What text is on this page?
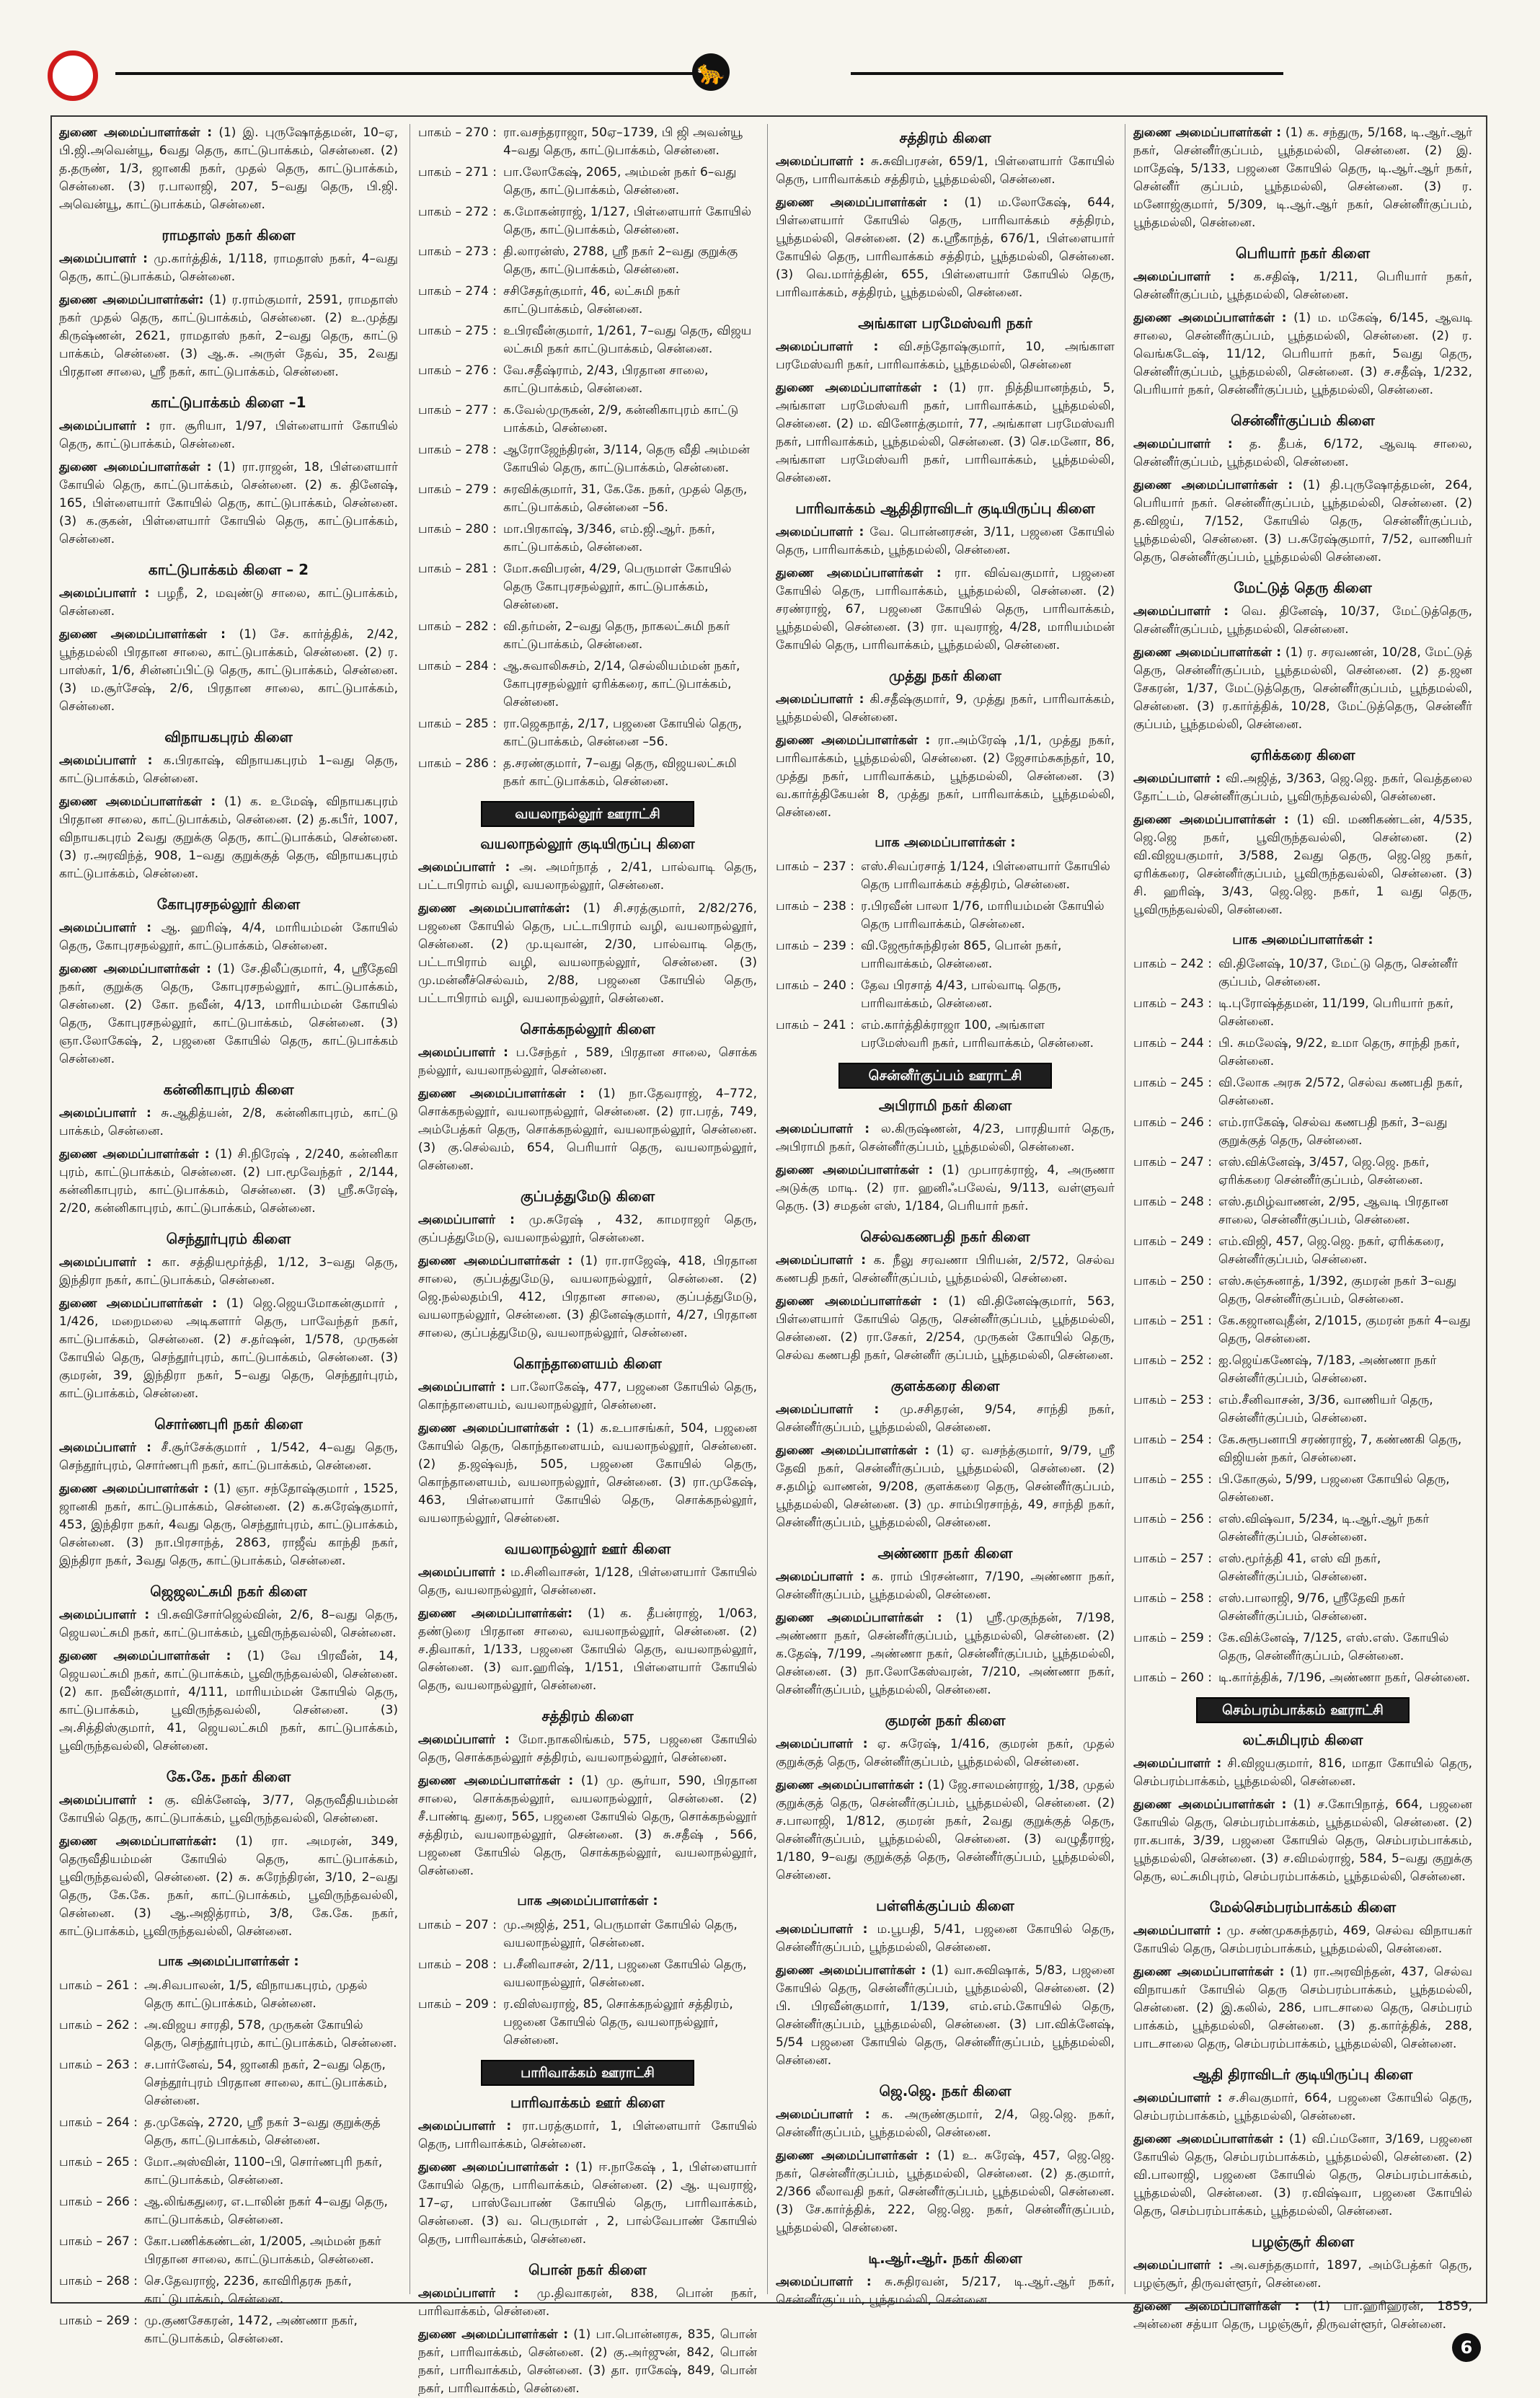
🐆
துணை அமைப்பாளர்கள் : (1) இ. புருஷோத்தமன், 10–ஏ, பி.ஜி.அவென்யூ, 6வது தெரு, காட்டுபாக்கம், சென்னை. (2) த.தருண், 1/3, ஜானகி நகர், முதல் தெரு, காட்டுபாக்கம், சென்னை. (3) ர.பாலாஜி, 207, 5–வது தெரு, பி.ஜி. அவென்யூ, காட்டுபாக்கம், சென்னை.
ராமதாஸ் நகர் கிளை
அமைப்பாளர் : மு.கார்த்திக், 1/118, ராமதாஸ் நகர், 4–வது தெரு, காட்டுபாக்கம், சென்னை.
துணை அமைப்பாளர்கள்: (1) ர.ராம்குமார், 2591, ராமதாஸ் நகர் முதல் தெரு, காட்டுபாக்கம், சென்னை. (2) உ.முத்து கிருஷ்ணன், 2621, ராமதாஸ் நகர், 2–வது தெரு, காட்டு பாக்கம், சென்னை. (3) ஆ.சு. அருள் தேவ், 35, 2வது பிரதான சாலை, ஸ்ரீ நகர், காட்டுபாக்கம், சென்னை.
காட்டுபாக்கம் கிளை –1
அமைப்பாளர் : ரா. சூரியா, 1/97, பிள்ளையார் கோயில் தெரு, காட்டுபாக்கம், சென்னை.
துணை அமைப்பாளர்கள் : (1) ரா.ராஜன், 18, பிள்ளையார் கோயில் தெரு, காட்டுபாக்கம், சென்னை. (2) க. தினேஷ், 165, பிள்ளையார் கோயில் தெரு, காட்டுபாக்கம், சென்னை. (3) க.குகன், பிள்ளையார் கோயில் தெரு, காட்டுபாக்கம், சென்னை.
காட்டுபாக்கம் கிளை – 2
அமைப்பாளர் : பழநீ, 2, மவுண்டு சாலை, காட்டுபாக்கம், சென்னை.
துணை அமைப்பாளர்கள் : (1) சே. கார்த்திக், 2/42, பூந்தமல்லி பிரதான சாலை, காட்டுபாக்கம், சென்னை. (2) ர. பாஸ்கர், 1/6, சின்னப்பிட்டு தெரு, காட்டுபாக்கம், சென்னை. (3) ம.சூர்சேஷ், 2/6, பிரதான சாலை, காட்டுபாக்கம், சென்னை.
விநாயகபுரம் கிளை
அமைப்பாளர் : க.பிரகாஷ், விநாயகபுரம் 1–வது தெரு, காட்டுபாக்கம், சென்னை.
துணை அமைப்பாளர்கள் : (1) க. உமேஷ், விநாயகபுரம் பிரதான சாலை, காட்டுபாக்கம், சென்னை. (2) த.கபீர், 1007, விநாயகபுரம் 2வது குறுக்கு தெரு, காட்டுபாக்கம், சென்னை. (3) ர.அரவிந்த், 908, 1–வது குறுக்குத் தெரு, விநாயகபுரம் காட்டுபாக்கம், சென்னை.
கோபுரசநல்லூர் கிளை
அமைப்பாளர் : ஆ. ஹரிஷ், 4/4, மாரியம்மன் கோயில் தெரு, கோபுரசநல்லூர், காட்டுபாக்கம், சென்னை.
துணை அமைப்பாளர்கள் : (1) சே.திலீப்குமார், 4, ஸ்ரீதேவி நகர், குறுக்கு தெரு, கோபுரசநல்லூர், காட்டுபாக்கம், சென்னை. (2) கோ. நவீன், 4/13, மாரியம்மன் கோயில் தெரு, கோபுரசநல்லூர், காட்டுபாக்கம், சென்னை. (3) ஞா.லோகேஷ், 2, பஜனை கோயில் தெரு, காட்டுபாக்கம் சென்னை.
கன்னிகாபுரம் கிளை
அமைப்பாளர் : சு.ஆதித்யன், 2/8, கன்னிகாபுரம், காட்டு பாக்கம், சென்னை.
துணை அமைப்பாளர்கள் : (1) சி.நிரேஷ் , 2/240, கன்னிகா புரம், காட்டுபாக்கம், சென்னை. (2) பா.மூவேந்தர் , 2/144, கன்னிகாபுரம், காட்டுபாக்கம், சென்னை. (3) ஸ்ரீ.சுரேஷ், 2/20, கன்னிகாபுரம், காட்டுபாக்கம், சென்னை.
செந்தூர்புரம் கிளை
அமைப்பாளர் : கா. சத்தியமூர்த்தி, 1/12, 3–வது தெரு, இந்திரா நகர், காட்டுபாக்கம், சென்னை.
துணை அமைப்பாளர்கள் : (1) ஜெ.ஜெயமோகன்குமார் , 1/426, மறைமலை அடிகளார் தெரு, பாவேந்தர் நகர், காட்டுபாக்கம், சென்னை. (2) ச.தர்ஷன், 1/578, முருகன் கோயில் தெரு, செந்தூர்புரம், காட்டுபாக்கம், சென்னை. (3) குமரன், 39, இந்திரா நகர், 5–வது தெரு, செந்தூர்புரம், காட்டுபாக்கம், சென்னை.
சொர்ணபுரி நகர் கிளை
அமைப்பாளர் : சீ.சூர்சேக்குமார் , 1/542, 4–வது தெரு, செந்தூர்புரம், சொர்ணபுரி நகர், காட்டுபாக்கம், சென்னை.
துணை அமைப்பாளர்கள் : (1) ஞா. சந்தோஷ்குமார் , 1525, ஜானகி நகர், காட்டுபாக்கம், சென்னை. (2) க.சுரேஷ்குமார், 453, இந்திரா நகர், 4வது தெரு, செந்தூர்புரம், காட்டுபாக்கம், சென்னை. (3) நா.பிரசாந்த், 2863, ராஜீவ் காந்தி நகர், இந்திரா நகர், 3வது தெரு, காட்டுபாக்கம், சென்னை.
ஜெஜலட்சுமி நகர் கிளை
அமைப்பாளர் : பி.சுவிசோர்ஜெல்வின், 2/6, 8–வது தெரு, ஜெயலட்சுமி நகர், காட்டுபாக்கம், பூவிருந்தவல்லி, சென்னை.
துணை அமைப்பாளர்கள் : (1) வே பிரவீன், 14, ஜெயலட்சுமி நகர், காட்டுபாக்கம், பூவிருந்தவல்லி, சென்னை. (2) கா. நவீன்குமார், 4/111, மாரியம்மன் கோயில் தெரு, காட்டுபாக்கம், பூவிருந்தவல்லி, சென்னை. (3) அ.சித்திஸ்குமார், 41, ஜெயலட்சுமி நகர், காட்டுபாக்கம், பூவிருந்தவல்லி, சென்னை.
கே.கே. நகர் கிளை
அமைப்பாளர் : கு. விக்னேஷ், 3/77, தெருவீதியம்மன் கோயில் தெரு, காட்டுபாக்கம், பூவிருந்தவல்லி, சென்னை.
துணை அமைப்பாளர்கள்: (1) ரா. அமரன், 349, தெருவீதியம்மன் கோயில் தெரு, காட்டுபாக்கம், பூவிருந்தவல்லி, சென்னை. (2) சு. சுரேந்திரன், 3/10, 2–வது தெரு, கே.கே. நகர், காட்டுபாக்கம், பூவிருந்தவல்லி, சென்னை. (3) ஆ.அஜித்ராம், 3/8, கே.கே. நகர், காட்டுபாக்கம், பூவிருந்தவல்லி, சென்னை.
பாக அமைப்பாளர்கள் :
பாகம் – 261 : அ.சிவபாலன், 1/5, விநாயகபுரம், முதல் தெரு காட்டுபாக்கம், சென்னை.
பாகம் – 262 : அ.விஜய சாரதி, 578, முருகன் கோயில் தெரு, செந்தூர்புரம், காட்டுபாக்கம், சென்னை.
பாகம் – 263 : ச.பார்னேவ், 54, ஜானகி நகர், 2–வது தெரு, செந்தூர்புரம் பிரதான சாலை, காட்டுபாக்கம், சென்னை.
பாகம் – 264 : த.முகேஷ், 2720, ஸ்ரீ நகர் 3–வது குறுக்குத் தெரு, காட்டுபாக்கம், சென்னை.
பாகம் – 265 : மோ.அஸ்வின், 1100–பி, சொர்ணபுரி நகர், காட்டுபாக்கம், சென்னை.
பாகம் – 266 : ஆ.லிங்கதுரை, எ.டாலின் நகர் 4–வது தெரு, காட்டுபாக்கம், சென்னை.
பாகம் – 267 : கோ.பணிக்கண்டன், 1/2005, அம்மன் நகர் பிரதான சாலை, காட்டுபாக்கம், சென்னை.
பாகம் – 268 : செ.தேவராஜ், 2236, காவிரிதரசு நகர், காட்டுபாக்கம், சென்னை.
பாகம் – 269 : மு.குணசேகரன், 1472, அண்ணா நகர், காட்டுபாக்கம், சென்னை.
பாகம் – 270 : ரா.வசந்தராஜா, 50ஏ–1739, பி ஜி அவன்யூ 4–வது தெரு, காட்டுபாக்கம், சென்னை.
பாகம் – 271 : பா.லோகேஷ், 2065, அம்மன் நகர் 6–வது தெரு, காட்டுபாக்கம், சென்னை.
பாகம் – 272 : க.மோகன்ராஜ், 1/127, பிள்ளையார் கோயில் தெரு, காட்டுபாக்கம், சென்னை.
பாகம் – 273 : தி.லாரன்ஸ், 2788, ஸ்ரீ நகர் 2–வது குறுக்கு தெரு, காட்டுபாக்கம், சென்னை.
பாகம் – 274 : சசிசேதர்குமார், 46, லட்சுமி நகர் காட்டுபாக்கம், சென்னை.
பாகம் – 275 : உபிரவீன்குமார், 1/261, 7–வது தெரு, விஜய லட்சுமி நகர் காட்டுபாக்கம், சென்னை.
பாகம் – 276 : வே.சதீஷ்ராம், 2/43, பிரதான சாலை, காட்டுபாக்கம், சென்னை.
பாகம் – 277 : க.வேல்முருகன், 2/9, கன்னிகாபுரம் காட்டு பாக்கம், சென்னை.
பாகம் – 278 : ஆரோஜேந்திரன், 3/114, தெரு வீதி அம்மன் கோயில் தெரு, காட்டுபாக்கம், சென்னை.
பாகம் – 279 : சுரவிக்குமார், 31, கே.கே. நகர், முதல் தெரு, காட்டுபாக்கம், சென்னை –56.
பாகம் – 280 : மா.பிரகாஷ், 3/346, எம்.ஜி.ஆர். நகர், காட்டுபாக்கம், சென்னை.
பாகம் – 281 : மோ.சுவிபரன், 4/29, பெருமாள் கோயில் தெரு கோபுரசநல்லூர், காட்டுபாக்கம், சென்னை.
பாகம் – 282 : வி.தர்மன், 2–வது தெரு, நாகலட்சுமி நகர் காட்டுபாக்கம், சென்னை.
பாகம் – 284 : ஆ.சுவாலிசுசம், 2/14, செல்லியம்மன் நகர், கோபுரசநல்லூர் ஏரிக்கரை, காட்டுபாக்கம், சென்னை.
பாகம் – 285 : ரா.ஜெகநாத், 2/17, பஜனை கோயில் தெரு, காட்டுபாக்கம், சென்னை –56.
பாகம் – 286 : த.சரண்குமார், 7–வது தெரு, விஜயலட்சுமி நகர் காட்டுபாக்கம், சென்னை.
வயலாநல்லூர் ஊராட்சி
வயலாநல்லூர் குடியிருப்பு கிளை
அமைப்பாளர் : அ. அமர்நாத் , 2/41, பால்வாடி தெரு, பட்டாபிராம் வழி, வயலாநல்லூர், சென்னை.
துணை அமைப்பாளர்கள்: (1) சி.சரத்குமார், 2/82/276, பஜனை கோயில் தெரு, பட்டாபிராம் வழி, வயலாநல்லூர், சென்னை. (2) மு.யுவான், 2/30, பால்வாடி தெரு, பட்டாபிராம் வழி, வயலாநல்லூர், சென்னை. (3) மு.மன்னீச்செல்வம், 2/88, பஜனை கோயில் தெரு, பட்டாபிராம் வழி, வயலாநல்லூர், சென்னை.
சொக்கநல்லூர் கிளை
அமைப்பாளர் : ப.சேந்தர் , 589, பிரதான சாலை, சொக்க நல்லூர், வயலாநல்லூர், சென்னை.
துணை அமைப்பாளர்கள் : (1) நா.தேவராஜ், 4–772, சொக்கநல்லூர், வயலாநல்லூர், சென்னை. (2) ரா.பரத், 749, அம்பேத்கர் தெரு, சொக்கநல்லூர், வயலாநல்லூர், சென்னை. (3) கு.செல்வம், 654, பெரியார் தெரு, வயலாநல்லூர், சென்னை.
குப்பத்துமேடு கிளை
அமைப்பாளர் : மு.சுரேஷ் , 432, காமராஜர் தெரு, குப்பத்துமேடு, வயலாநல்லூர், சென்னை.
துணை அமைப்பாளர்கள் : (1) ரா.ராஜேஷ், 418, பிரதான சாலை, குப்பத்துமேடு, வயலாநல்லூர், சென்னை. (2) ஜெ.நல்லதம்பி, 412, பிரதான சாலை, குப்பத்துமேடு, வயலாநல்லூர், சென்னை. (3) தினேஷ்குமார், 4/27, பிரதான சாலை, குப்பத்துமேடு, வயலாநல்லூர், சென்னை.
கொந்தாளையம் கிளை
அமைப்பாளர் : பா.லோகேஷ், 477, பஜனை கோயில் தெரு, கொந்தாளையம், வயலாநல்லூர், சென்னை.
துணை அமைப்பாளர்கள் : (1) க.உபாசங்கர், 504, பஜனை கோயில் தெரு, கொந்தாளையம், வயலாநல்லூர், சென்னை. (2) த.ஜஷ்வந், 505, பஜனை கோயில் தெரு, கொந்தாளையம், வயலாநல்லூர், சென்னை. (3) ரா.முகேஷ், 463, பிள்ளையார் கோயில் தெரு, சொக்கநல்லூர், வயலாநல்லூர், சென்னை.
வயலாநல்லூர் ஊர் கிளை
அமைப்பாளர் : ம.சினிவாசன், 1/128, பிள்ளையார் கோயில் தெரு, வயலாநல்லூர், சென்னை.
துணை அமைப்பாளர்கள்: (1) க. தீபன்ராஜ், 1/063, தண்டுரை பிரதான சாலை, வயலாநல்லூர், சென்னை. (2) ச.திவாகர், 1/133, பஜனை கோயில் தெரு, வயலாநல்லூர், சென்னை. (3) வா.ஹரிஷ், 1/151, பிள்ளையார் கோயில் தெரு, வயலாநல்லூர், சென்னை.
சத்திரம் கிளை
அமைப்பாளர் : மோ.நாகலிங்கம், 575, பஜனை கோயில் தெரு, சொக்கநல்லூர் சத்திரம், வயலாநல்லூர், சென்னை.
துணை அமைப்பாளர்கள் : (1) மு. சூர்யா, 590, பிரதான சாலை, சொக்கநல்லூர், வயலாநல்லூர், சென்னை. (2) சீ.பாண்டி துரை, 565, பஜனை கோயில் தெரு, சொக்கநல்லூர் சத்திரம், வயலாநல்லூர், சென்னை. (3) சு.சதீஷ் , 566, பஜனை கோயில் தெரு, சொக்கநல்லூர், வயலாநல்லூர், சென்னை.
பாக அமைப்பாளர்கள் :
பாகம் – 207 : மு.அஜித், 251, பெருமாள் கோயில் தெரு, வயலாநல்லூர், சென்னை.
பாகம் – 208 : ப.சீனிவாசன், 2/11, பஜனை கோயில் தெரு, வயலாநல்லூர், சென்னை.
பாகம் – 209 : ர.விஸ்வராஜ், 85, சொக்கநல்லூர் சத்திரம், பஜனை கோயில் தெரு, வயலாநல்லூர், சென்னை.
பாரிவாக்கம் ஊராட்சி
பாரிவாக்கம் ஊர் கிளை
அமைப்பாளர் : ரா.பரத்குமார், 1, பிள்ளையார் கோயில் தெரு, பாரிவாக்கம், சென்னை.
துணை அமைப்பாளர்கள் : (1) ஈ.நாகேஷ் , 1, பிள்ளையார் கோயில் தெரு, பாரிவாக்கம், சென்னை. (2) ஆ. யுவராஜ், 17–ஏ, பாஸ்வேபாண் கோயில் தெரு, பாரிவாக்கம், சென்னை. (3) வ. பெருமாள் , 2, பால்வேபாண் கோயில் தெரு, பாரிவாக்கம், சென்னை.
பொன் நகர் கிளை
அமைப்பாளர் : மு.திவாகரன், 838, பொன் நகர், பாரிவாக்கம், சென்னை.
துணை அமைப்பாளர்கள் : (1) பா.பொன்னரசு, 835, பொன் நகர், பாரிவாக்கம், சென்னை. (2) கு.அர்ஜுன், 842, பொன் நகர், பாரிவாக்கம், சென்னை. (3) தா. ராகேஷ், 849, பொன் நகர், பாரிவாக்கம், சென்னை.
சத்திரம் கிளை
அமைப்பாளர் : சு.சுவிபரசன், 659/1, பிள்ளையார் கோயில் தெரு, பாரிவாக்கம் சத்திரம், பூந்தமல்லி, சென்னை.
துணை அமைப்பாளர்கள் : (1) ம.லோகேஷ், 644, பிள்ளையார் கோயில் தெரு, பாரிவாக்கம் சத்திரம், பூந்தமல்லி, சென்னை. (2) க.ஸ்ரீகாந்த், 676/1, பிள்ளையார் கோயில் தெரு, பாரிவாக்கம் சத்திரம், பூந்தமல்லி, சென்னை. (3) வெ.மார்த்தின், 655, பிள்ளையார் கோயில் தெரு, பாரிவாக்கம், சத்திரம், பூந்தமல்லி, சென்னை.
அங்காள பரமேஸ்வரி நகர்
அமைப்பாளர் : வி.சந்தோஷ்குமார், 10, அங்காள பரமேஸ்வரி நகர், பாரிவாக்கம், பூந்தமல்லி, சென்னை
துணை அமைப்பாளர்கள் : (1) ரா. நித்தியானந்தம், 5, அங்காள பரமேஸ்வரி நகர், பாரிவாக்கம், பூந்தமல்லி, சென்னை. (2) ம. வினோத்குமார், 77, அங்காள பரமேஸ்வரி நகர், பாரிவாக்கம், பூந்தமல்லி, சென்னை. (3) செ.மனோ, 86, அங்காள பரமேஸ்வரி நகர், பாரிவாக்கம், பூந்தமல்லி, சென்னை.
பாரிவாக்கம் ஆதிதிராவிடர் குடியிருப்பு கிளை
அமைப்பாளர் : வே. பொன்னரசன், 3/11, பஜனை கோயில் தெரு, பாரிவாக்கம், பூந்தமல்லி, சென்னை.
துணை அமைப்பாளர்கள் : ரா. விவ்வகுமார், பஜனை கோயில் தெரு, பாரிவாக்கம், பூந்தமல்லி, சென்னை. (2) சரண்ராஜ், 67, பஜனை கோயில் தெரு, பாரிவாக்கம், பூந்தமல்லி, சென்னை. (3) ரா. யுவராஜ், 4/28, மாரியம்மன் கோயில் தெரு, பாரிவாக்கம், பூந்தமல்லி, சென்னை.
முத்து நகர் கிளை
அமைப்பாளர் : கி.சதீஷ்குமார், 9, முத்து நகர், பாரிவாக்கம், பூந்தமல்லி, சென்னை.
துணை அமைப்பாளர்கள் : ரா.அம்ரேஷ் ,1/1, முத்து நகர், பாரிவாக்கம், பூந்தமல்லி, சென்னை. (2) ஜேசாம்சுகந்தர், 10, முத்து நகர், பாரிவாக்கம், பூந்தமல்லி, சென்னை. (3) வ.கார்த்திகேயன் 8, முத்து நகர், பாரிவாக்கம், பூந்தமல்லி, சென்னை.
பாக அமைப்பாளர்கள் :
பாகம் – 237 : எஸ்.சிவப்ரசாத் 1/124, பிள்ளையார் கோயில் தெரு பாரிவாக்கம் சத்திரம், சென்னை.
பாகம் – 238 : ர.பிரவீன் பாலா 1/76, மாரியம்மன் கோயில் தெரு பாரிவாக்கம், சென்னை.
பாகம் – 239 : வி.ஜேரூர்சுந்திரன் 865, பொன் நகர், பாரிவாக்கம், சென்னை.
பாகம் – 240 : தேவ பிரசாத் 4/43, பால்வாடி தெரு, பாரிவாக்கம், சென்னை.
பாகம் – 241 : எம்.கார்த்திக்ராஜா 100, அங்காள பரமேஸ்வரி நகர், பாரிவாக்கம், சென்னை.
சென்னீர்குப்பம் ஊராட்சி
அபிராமி நகர் கிளை
அமைப்பாளர் : ல.கிருஷ்ணன், 4/23, பாரதியார் தெரு, அபிராமி நகர், சென்னீர்குப்பம், பூந்தமல்லி, சென்னை.
துணை அமைப்பாளர்கள் : (1) முபாரக்ராஜ், 4, அருணா அடுக்கு மாடி. (2) ரா. ஹனிஃபலேவ், 9/113, வள்ளுவர் தெரு. (3) சமதன் எஸ், 1/184, பெரியார் நகர்.
செல்வகணபதி நகர் கிளை
அமைப்பாளர் : க. நீலு சரவணா பிரியன், 2/572, செல்வ கணபதி நகர், சென்னீர்குப்பம், பூந்தமல்லி, சென்னை.
துணை அமைப்பாளர்கள் : (1) வி.தினேஷ்குமார், 563, பிள்ளையார் கோயில் தெரு, சென்னீர்குப்பம், பூந்தமல்லி, சென்னை. (2) ரா.சேகர், 2/254, முருகன் கோயில் தெரு, செல்வ கணபதி நகர், சென்னீர் குப்பம், பூந்தமல்லி, சென்னை.
குளக்கரை கிளை
அமைப்பாளர் : மு.சசிதரன், 9/54, சாந்தி நகர், சென்னீர்குப்பம், பூந்தமல்லி, சென்னை.
துணை அமைப்பாளர்கள் : (1) ஏ. வசந்த்குமார், 9/79, ஸ்ரீ தேவி நகர், சென்னீர்குப்பம், பூந்தமல்லி, சென்னை. (2) ச.தமிழ் வாணன், 9/208, குளக்கரை தெரு, சென்னீர்குப்பம், பூந்தமல்லி, சென்னை. (3) மு. சாம்பிரசாந்த், 49, சாந்தி நகர், சென்னீர்குப்பம், பூந்தமல்லி, சென்னை.
அண்ணா நகர் கிளை
அமைப்பாளர் : க. ராம் பிரசன்னா, 7/190, அண்ணா நகர், சென்னீர்குப்பம், பூந்தமல்லி, சென்னை.
துணை அமைப்பாளர்கள் : (1) ஸ்ரீ.முகுந்தன், 7/198, அண்ணா நகர், சென்னீர்குப்பம், பூந்தமல்லி, சென்னை. (2) க.தேஷ், 7/199, அண்ணா நகர், சென்னீர்குப்பம், பூந்தமல்லி, சென்னை. (3) நா.லோகேஸ்வரன், 7/210, அண்ணா நகர், சென்னீர்குப்பம், பூந்தமல்லி, சென்னை.
குமரன் நகர் கிளை
அமைப்பாளர் : ஏ. சுரேஷ், 1/416, குமரன் நகர், முதல் குறுக்குத் தெரு, சென்னீர்குப்பம், பூந்தமல்லி, சென்னை.
துணை அமைப்பாளர்கள் : (1) ஜே.சாலமன்ராஜ், 1/38, முதல் குறுக்குத் தெரு, சென்னீர்குப்பம், பூந்தமல்லி, சென்னை. (2) ச.பாலாஜி, 1/812, குமரன் நகர், 2வது குறுக்குத் தெரு, சென்னீர்குப்பம், பூந்தமல்லி, சென்னை. (3) வழுதீராஜ், 1/180, 9–வது குறுக்குத் தெரு, சென்னீர்குப்பம், பூந்தமல்லி, சென்னை.
பள்ளிக்குப்பம் கிளை
அமைப்பாளர் : ம.பூபதி, 5/41, பஜனை கோயில் தெரு, சென்னீர்குப்பம், பூந்தமல்லி, சென்னை.
துணை அமைப்பாளர்கள் : (1) வா.சுவிஷாக், 5/83, பஜனை கோயில் தெரு, சென்னீர்குப்பம், பூந்தமல்லி, சென்னை. (2) பி. பிரவீன்குமார், 1/139, எம்.எம்.கோயில் தெரு, சென்னீர்குப்பம், பூந்தமல்லி, சென்னை. (3) பா.விக்னேஷ், 5/54 பஜனை கோயில் தெரு, சென்னீர்குப்பம், பூந்தமல்லி, சென்னை.
ஜெ.ஜெ. நகர் கிளை
அமைப்பாளர் : க. அருண்குமார், 2/4, ஜெ.ஜெ. நகர், சென்னீர்குப்பம், பூந்தமல்லி, சென்னை.
துணை அமைப்பாளர்கள் : (1) உ. சுரேஷ், 457, ஜெ.ஜெ. நகர், சென்னீர்குப்பம், பூந்தமல்லி, சென்னை. (2) த.குமார், 2/366 லீலாவதி நகர், சென்னீர்குப்பம், பூந்தமல்லி, சென்னை. (3) சே.கார்த்திக், 222, ஜெ.ஜெ. நகர், சென்னீர்குப்பம், பூந்தமல்லி, சென்னை.
டி.ஆர்.ஆர். நகர் கிளை
அமைப்பாளர் : சு.சுதிரவன், 5/217, டி.ஆர்.ஆர் நகர், சென்னீர்குப்பம், பூந்தமல்லி, சென்னை.
துணை அமைப்பாளர்கள் : (1) க. சந்துரு, 5/168, டி.ஆர்.ஆர் நகர், சென்னீர்குப்பம், பூந்தமல்லி, சென்னை. (2) இ. மாதேஷ், 5/133, பஜனை கோயில் தெரு, டி.ஆர்.ஆர் நகர், சென்னீர் குப்பம், பூந்தமல்லி, சென்னை. (3) ர. மனோஜ்குமார், 5/309, டி.ஆர்.ஆர் நகர், சென்னீர்குப்பம், பூந்தமல்லி, சென்னை.
பெரியார் நகர் கிளை
அமைப்பாளர் : க.சதிஷ், 1/211, பெரியார் நகர், சென்னீர்குப்பம், பூந்தமல்லி, சென்னை.
துணை அமைப்பாளர்கள் : (1) ம. மகேஷ், 6/145, ஆவடி சாலை, சென்னீர்குப்பம், பூந்தமல்லி, சென்னை. (2) ர. வெங்கடேஷ், 11/12, பெரியார் நகர், 5வது தெரு, சென்னீர்குப்பம், பூந்தமல்லி, சென்னை. (3) ச.சதீஷ், 1/232, பெரியார் நகர், சென்னீர்குப்பம், பூந்தமல்லி, சென்னை.
சென்னீர்குப்பம் கிளை
அமைப்பாளர் : த. தீபக், 6/172, ஆவடி சாலை, சென்னீர்குப்பம், பூந்தமல்லி, சென்னை.
துணை அமைப்பாளர்கள் : (1) தி.புருஷோத்தமன், 264, பெரியார் நகர். சென்னீர்குப்பம், பூந்தமல்லி, சென்னை. (2) த.விஜய், 7/152, கோயில் தெரு, சென்னீர்குப்பம், பூந்தமல்லி, சென்னை. (3) ப.சுரேஷ்குமார், 7/52, வாணியர் தெரு, சென்னீர்குப்பம், பூந்தமல்லி சென்னை.
மேட்டுத் தெரு கிளை
அமைப்பாளர் : வெ. தினேஷ், 10/37, மேட்டுத்தெரு, சென்னீர்குப்பம், பூந்தமல்லி, சென்னை.
துணை அமைப்பாளர்கள் : (1) ர. சரவணன், 10/28, மேட்டுத் தெரு, சென்னீர்குப்பம், பூந்தமல்லி, சென்னை. (2) த.ஜன சேகரன், 1/37, மேட்டுத்தெரு, சென்னீர்குப்பம், பூந்தமல்லி, சென்னை. (3) ர.கார்த்திக், 10/28, மேட்டுத்தெரு, சென்னீர் குப்பம், பூந்தமல்லி, சென்னை.
ஏரிக்கரை கிளை
அமைப்பாளர் : வி.அஜித், 3/363, ஜெ.ஜெ. நகர், வெத்தலை தோட்டம், சென்னீர்குப்பம், பூவிருந்தவல்லி, சென்னை.
துணை அமைப்பாளர்கள் : (1) வி. மணிகண்டன், 4/535, ஜெ.ஜெ நகர், பூவிருந்தவல்லி, சென்னை. (2) வி.விஜயகுமார், 3/588, 2வது தெரு, ஜெ.ஜெ நகர், ஏரிக்கரை, சென்னீர்குப்பம், பூவிருந்தவல்லி, சென்னை. (3) சி. ஹரிஷ், 3/43, ஜெ.ஜெ. நகர், 1 வது தெரு, பூவிருந்தவல்லி, சென்னை.
பாக அமைப்பாளர்கள் :
பாகம் – 242 : வி.தினேஷ், 10/37, மேட்டு தெரு, சென்னீர் குப்பம், சென்னை.
பாகம் – 243 : டி.புரோஷ்த்தமன், 11/199, பெரியார் நகர், சென்னை.
பாகம் – 244 : பி. சுமலேஷ், 9/22, உமா தெரு, சாந்தி நகர், சென்னை.
பாகம் – 245 : வி.லோக அரசு 2/572, செல்வ கணபதி நகர், சென்னை.
பாகம் – 246 : எம்.ராகேஷ், செல்வ கணபதி நகர், 3–வது குறுக்குத் தெரு, சென்னை.
பாகம் – 247 : எஸ்.விக்னேஷ், 3/457, ஜெ.ஜெ. நகர், ஏரிக்கரை சென்னீர்குப்பம், சென்னை.
பாகம் – 248 : எஸ்.தமிழ்வாணன், 2/95, ஆவடி பிரதான சாலை, சென்னீர்குப்பம், சென்னை.
பாகம் – 249 : எம்.விஜி, 457, ஜெ.ஜெ. நகர், ஏரிக்கரை, சென்னீர்குப்பம், சென்னை.
பாகம் – 250 : எஸ்.சுஞ்சுனாத், 1/392, குமரன் நகர் 3–வது தெரு, சென்னீர்குப்பம், சென்னை.
பாகம் – 251 : கே.கஜானவுதீன், 2/1015, குமரன் நகர் 4–வது தெரு, சென்னை.
பாகம் – 252 : ஐ.ஜெய்கணேஷ், 7/183, அண்ணா நகர் சென்னீர்குப்பம், சென்னை.
பாகம் – 253 : எம்.சீனிவாசன், 3/36, வாணியர் தெரு, சென்னீர்குப்பம், சென்னை.
பாகம் – 254 : கே.சுரூபனாபி சரண்ராஜ், 7, கண்ணகி தெரு, விஜியன் நகர், சென்னை.
பாகம் – 255 : பி.கோகுல், 5/99, பஜனை கோயில் தெரு, சென்னை.
பாகம் – 256 : எஸ்.விஷ்வா, 5/234, டி.ஆர்.ஆர் நகர் சென்னீர்குப்பம், சென்னை.
பாகம் – 257 : எஸ்.மூர்த்தி 41, எஸ் வி நகர், சென்னீர்குப்பம், சென்னை.
பாகம் – 258 : எஸ்.பாலாஜி, 9/76, ஸ்ரீதேவி நகர் சென்னீர்குப்பம், சென்னை.
பாகம் – 259 : கே.விக்னேஷ், 7/125, எஸ்.எஸ். கோயில் தெரு, சென்னீர்குப்பம், சென்னை.
பாகம் – 260 : டி.கார்த்திக், 7/196, அண்ணா நகர், சென்னை.
செம்பரம்பாக்கம் ஊராட்சி
லட்சுமிபுரம் கிளை
அமைப்பாளர் : சி.விஜயகுமார், 816, மாதா கோயில் தெரு, செம்பரம்பாக்கம், பூந்தமல்லி, சென்னை.
துணை அமைப்பாளர்கள் : (1) ச.கோபிநாத், 664, பஜனை கோயில் தெரு, செம்பரம்பாக்கம், பூந்தமல்லி, சென்னை. (2) ரா.கபாக், 3/39, பஜனை கோயில் தெரு, செம்பரம்பாக்கம், பூந்தமல்லி, சென்னை. (3) ச.விமல்ராஜ், 584, 5–வது குறுக்கு தெரு, லட்சுமிபுரம், செம்பரம்பாக்கம், பூந்தமல்லி, சென்னை.
மேல்செம்பரம்பாக்கம் கிளை
அமைப்பாளர் : மு. சண்முகசுந்தரம், 469, செல்வ விநாயகர் கோயில் தெரு, செம்பரம்பாக்கம், பூந்தமல்லி, சென்னை.
துணை அமைப்பாளர்கள் : (1) ரா.அரவிந்தன், 437, செல்வ விநாயகர் கோயில் தெரு செம்பரம்பாக்கம், பூந்தமல்லி, சென்னை. (2) இ.கலில், 286, பாடசாலை தெரு, செம்பரம் பாக்கம், பூந்தமல்லி, சென்னை. (3) த.கார்த்திக், 288, பாடசாலை தெரு, செம்பரம்பாக்கம், பூந்தமல்லி, சென்னை.
ஆதி திராவிடர் குடியிருப்பு கிளை
அமைப்பாளர் : ச.சிவகுமார், 664, பஜனை கோயில் தெரு, செம்பரம்பாக்கம், பூந்தமல்லி, சென்னை.
துணை அமைப்பாளர்கள் : (1) வி.ப்மனோ, 3/169, பஜனை கோயில் தெரு, செம்பரம்பாக்கம், பூந்தமல்லி, சென்னை. (2) வி.பாலாஜி, பஜனை கோயில் தெரு, செம்பரம்பாக்கம், பூந்தமல்லி, சென்னை. (3) ர.விஷ்வா, பஜனை கோயில் தெரு, செம்பரம்பாக்கம், பூந்தமல்லி, சென்னை.
பழஞ்சூர் கிளை
அமைப்பாளர் : அ.வசந்தகுமார், 1897, அம்பேத்கர் தெரு, பழஞ்சூர், திருவள்ளூர், சென்னை.
துணை அமைப்பாளர்கள் : (1) பா.ஹரிஹரன், 1859, அன்னை சத்யா தெரு, பழஞ்சூர், திருவள்ளூர், சென்னை.
6
